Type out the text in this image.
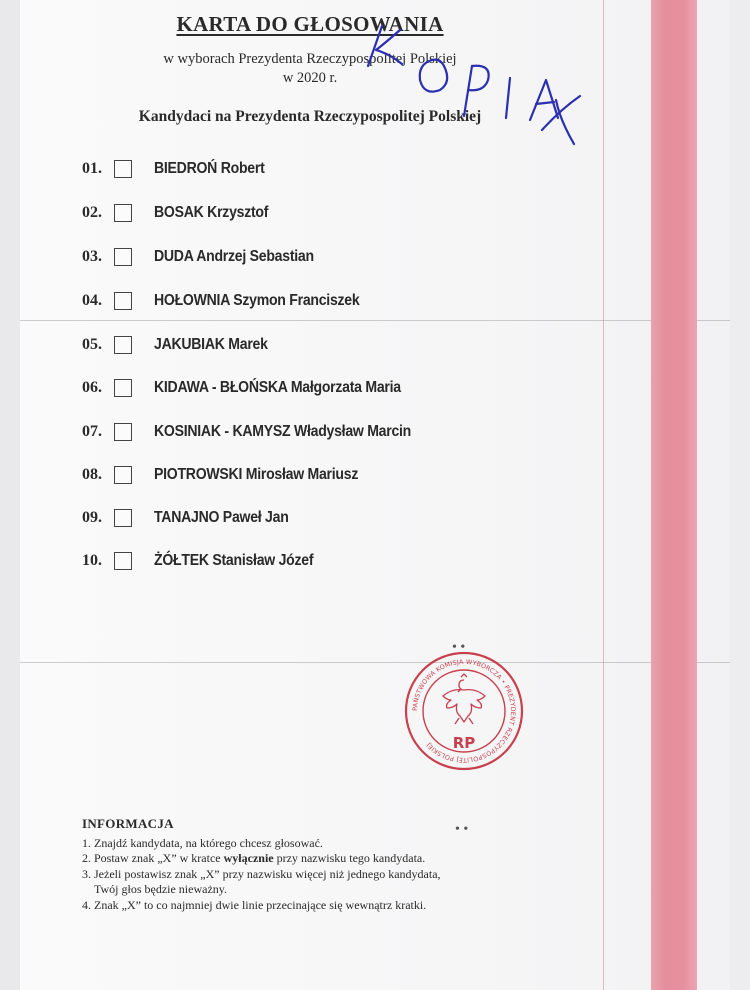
KARTA DO GŁOSOWANIA
w wyborach Prezydenta Rzeczypospolitej Polskiej
w 2020 r.
Kandydaci na Prezydenta Rzeczypospolitej Polskiej
01.	BIEDROŃ Robert
02.	BOSAK Krzysztof
03.	DUDA Andrzej Sebastian
04.	HOŁOWNIA Szymon Franciszek
05.	JAKUBIAK Marek
06.	KIDAWA - BŁOŃSKA Małgorzata Maria
07.	KOSINIAK - KAMYSZ Władysław Marcin
08.	PIOTROWSKI Mirosław Mariusz
09.	TANAJNO Paweł Jan
10.	ŻÓŁTEK Stanisław Józef
PAŃSTWOWA KOMISJA WYBORCZA • PREZYDENT RZECZYPOSPOLITEJ POLSKIEJ	RP
• •
• •
INFORMACJA
1. Znajdź kandydata, na którego chcesz głosować.
2. Postaw znak „X” w kratce wyłącznie przy nazwisku tego kandydata.
3. Jeżeli postawisz znak „X” przy nazwisku więcej niż jednego kandydata,
Twój głos będzie nieważny.
4. Znak „X” to co najmniej dwie linie przecinające się wewnątrz kratki.
